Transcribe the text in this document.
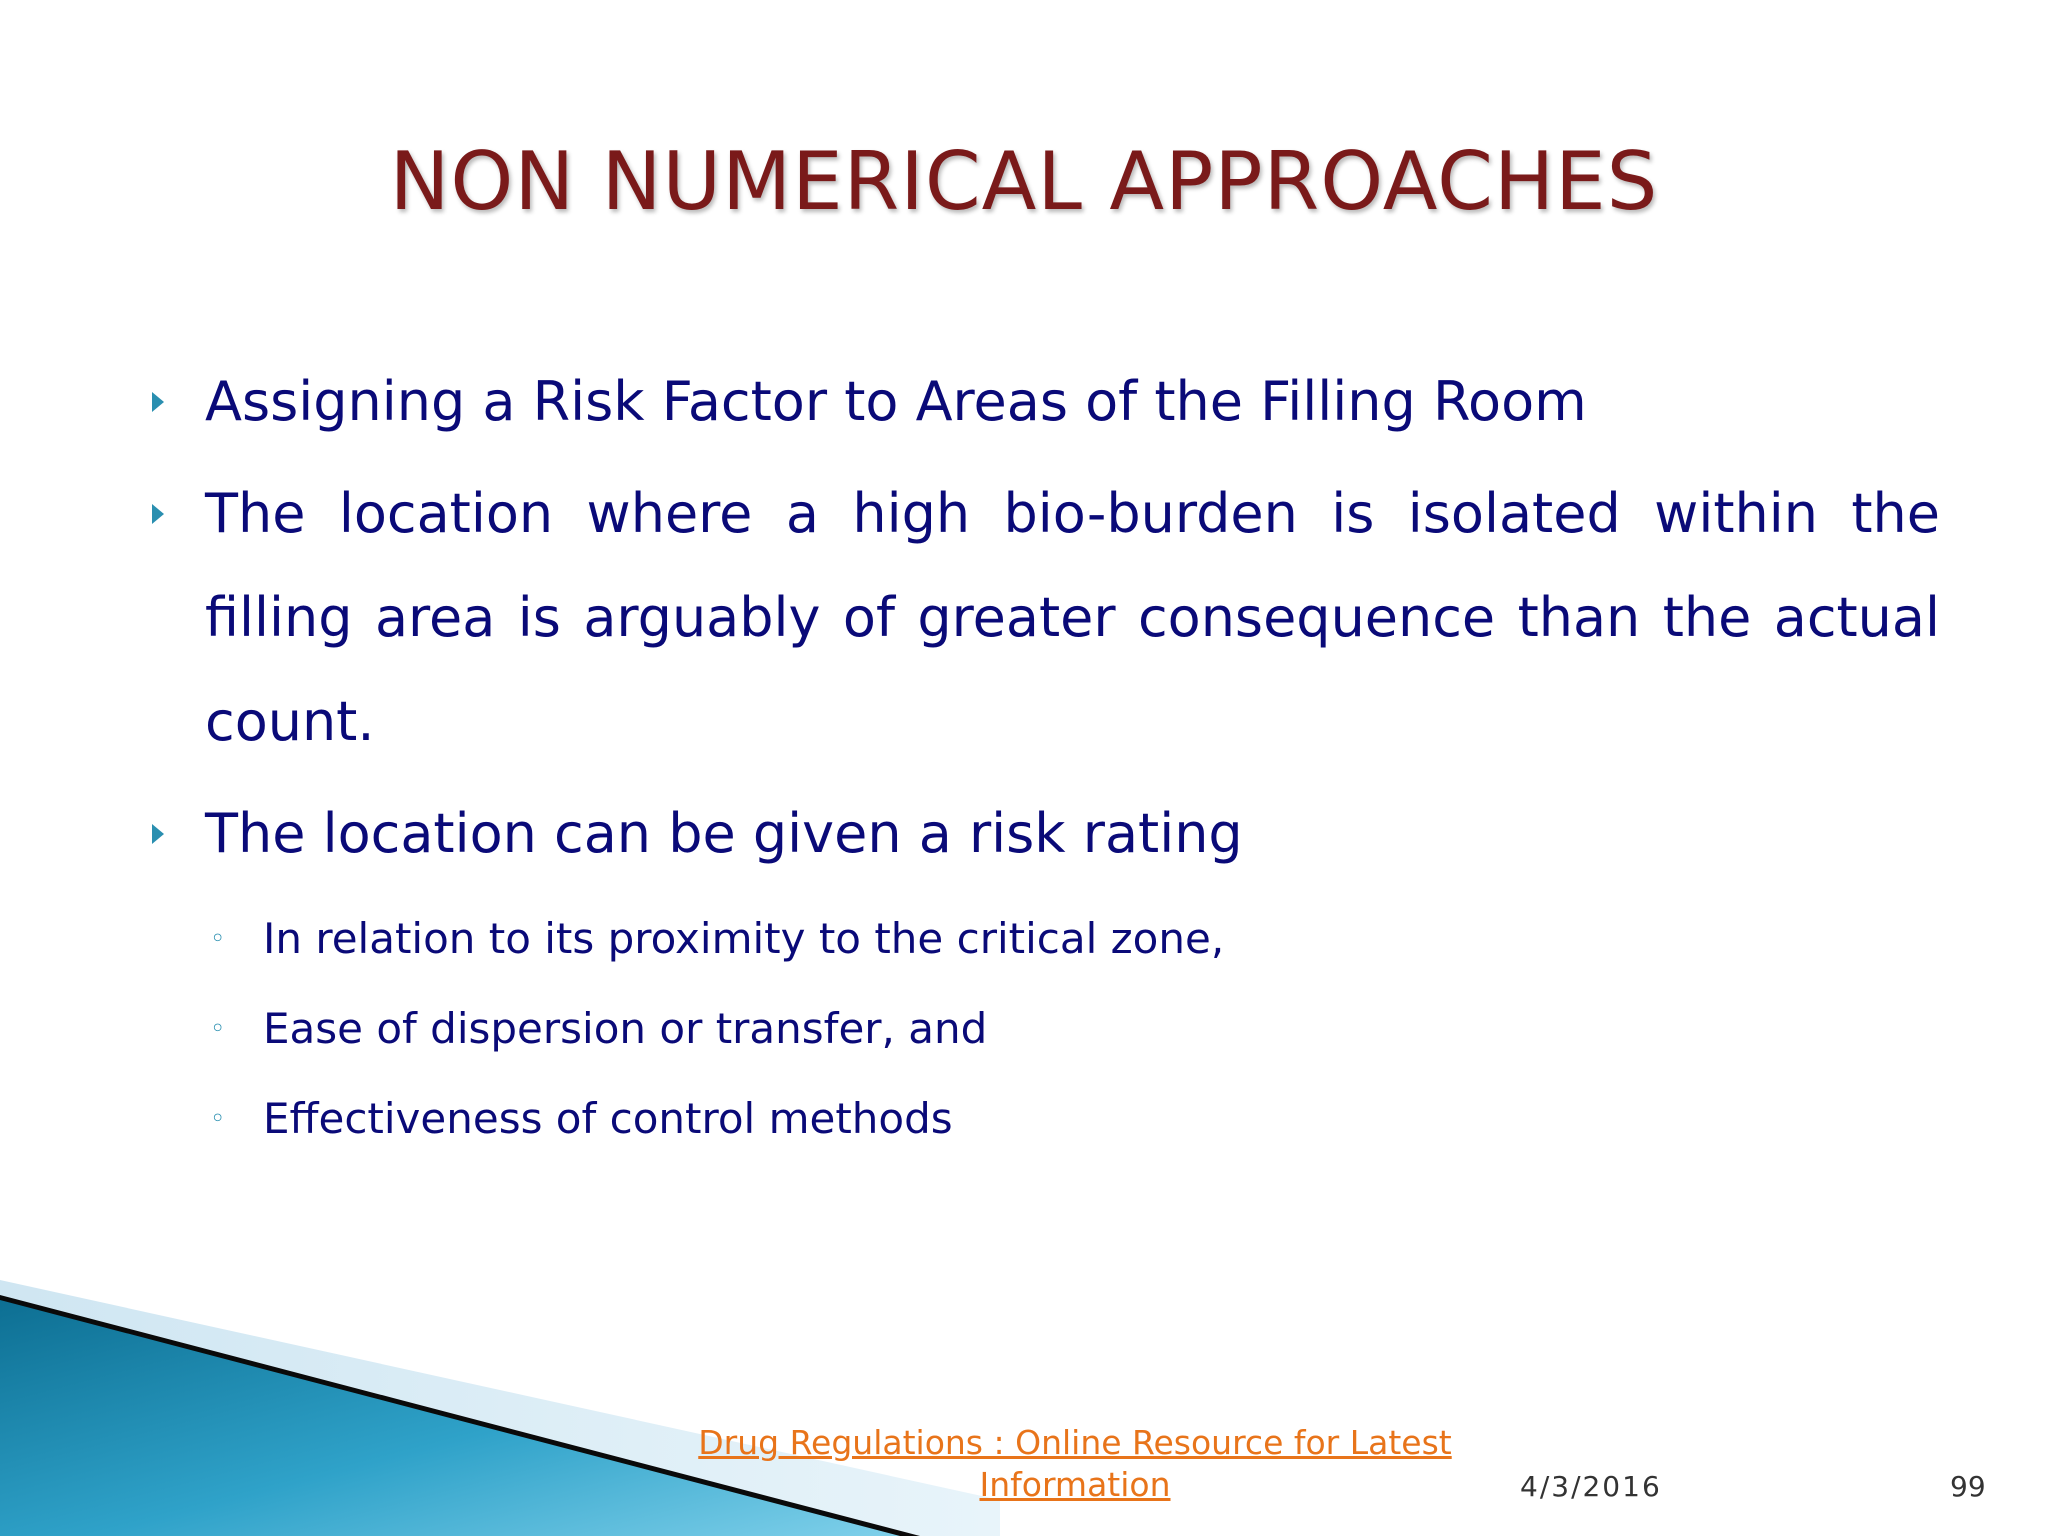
NON NUMERICAL APPROACHES
Assigning a Risk Factor to Areas of the Filling Room
The location where a high bio-burden is isolated within the filling area is arguably of greater consequence than the actual count.
The location can be given a risk rating
◦ In relation to its proximity to the critical zone,
◦ Ease of dispersion or transfer, and
◦ Effectiveness of control methods
Drug Regulations : Online Resource for Latest Information	4/3/2016	99
